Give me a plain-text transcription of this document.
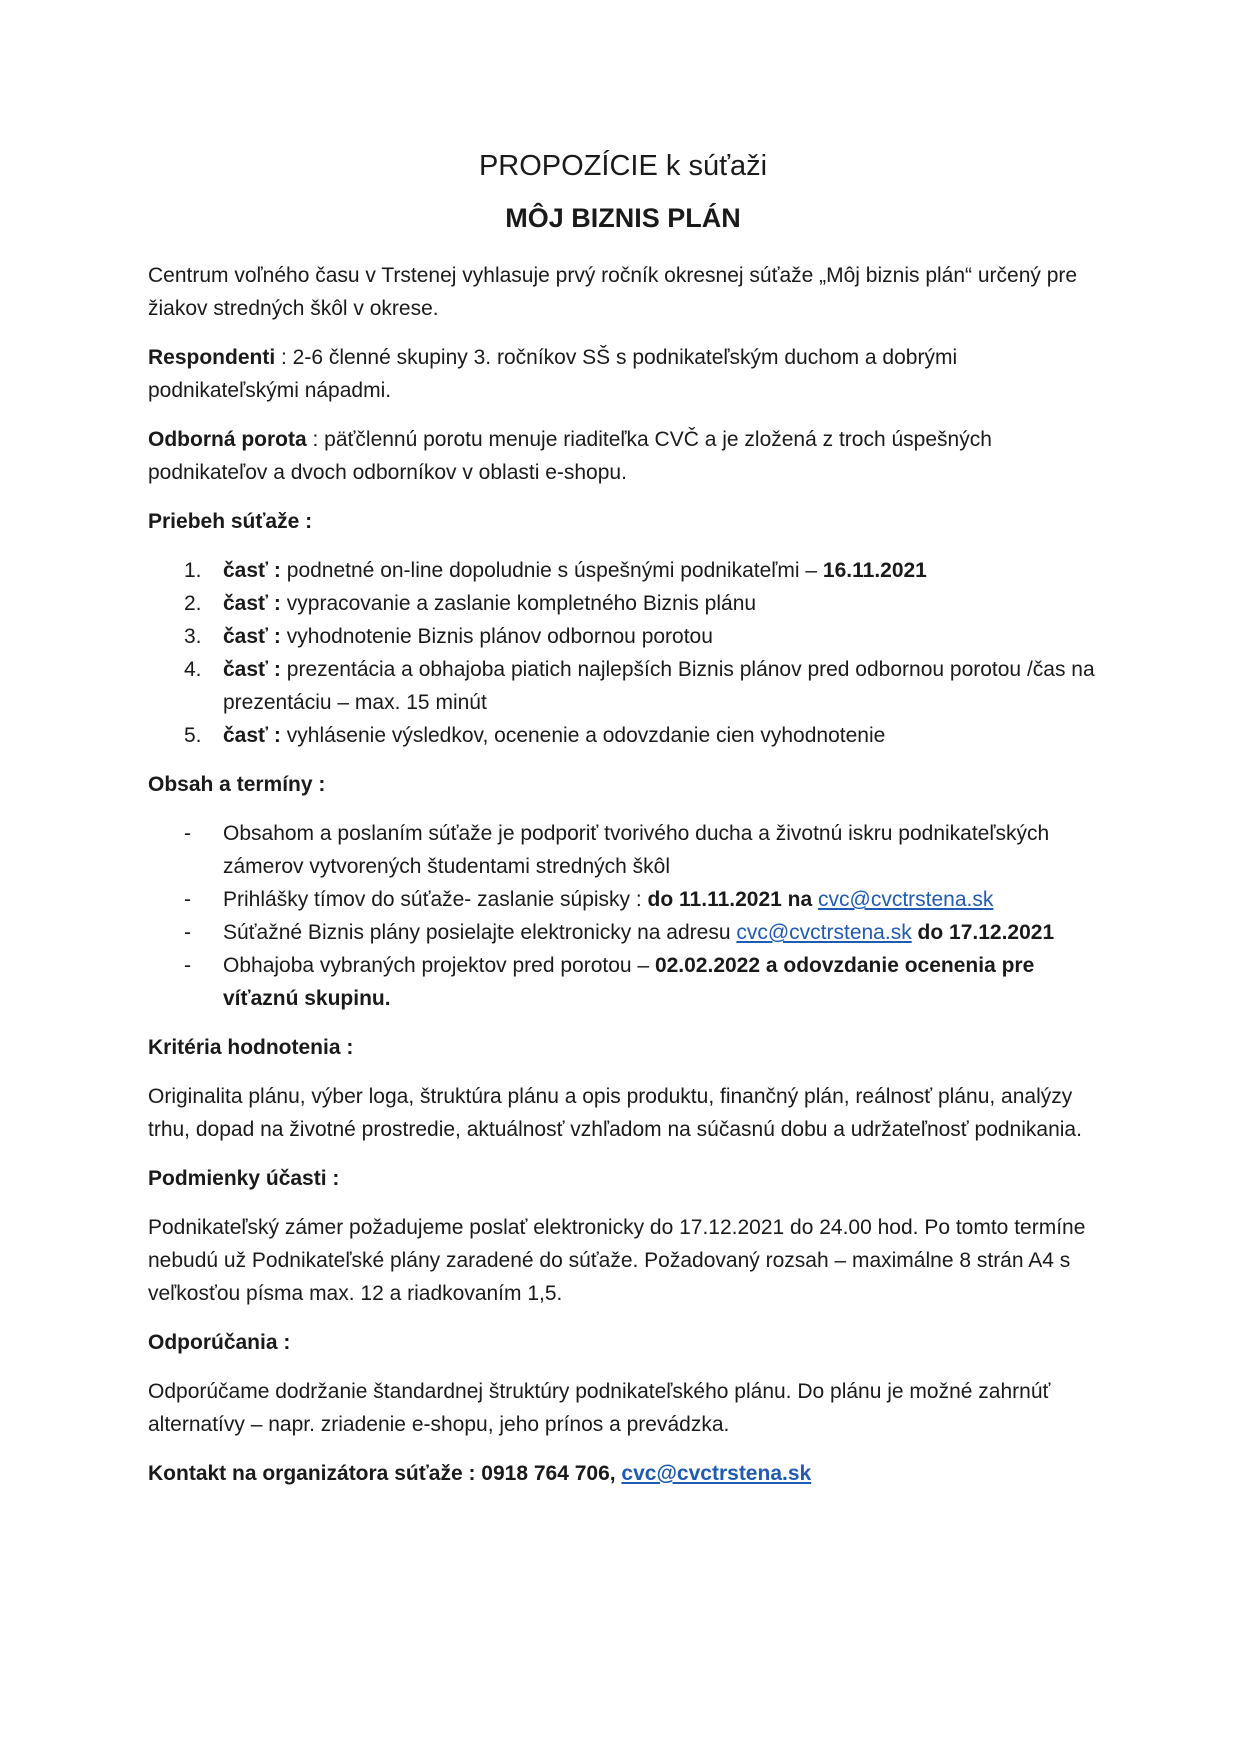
PROPOZÍCIE k súťaži
MÔJ BIZNIS PLÁN

Centrum voľného času v Trstenej vyhlasuje prvý ročník okresnej súťaže „Môj biznis plán“ určený pre žiakov stredných škôl v okrese.

Respondenti : 2-6 členné skupiny 3. ročníkov SŠ s podnikateľským duchom a dobrými podnikateľskými nápadmi.

Odborná porota : päťčlennú porotu menuje riaditeľka CVČ a je zložená z troch úspešných podnikateľov a dvoch odborníkov v oblasti e-shopu.

Priebeh súťaže :
1. časť : podnetné on-line dopoludnie s úspešnými podnikateľmi – 16.11.2021
2. časť : vypracovanie a zaslanie kompletného Biznis plánu
3. časť : vyhodnotenie Biznis plánov odbornou porotou
4. časť : prezentácia a obhajoba piatich najlepších Biznis plánov pred odbornou porotou /čas na prezentáciu – max. 15 minút
5. časť : vyhlásenie výsledkov, ocenenie a odovzdanie cien vyhodnotenie
Obsah a termíny :
- Obsahom a poslaním súťaže je podporiť tvorivého ducha a životnú iskru podnikateľských zámerov vytvorených študentami stredných škôl
- Prihlášky tímov do súťaže- zaslanie súpisky : do 11.11.2021 na cvc@cvctrstena.sk
- Súťažné Biznis plány posielajte elektronicky na adresu cvc@cvctrstena.sk do 17.12.2021
- Obhajoba vybraných projektov pred porotou – 02.02.2022 a odovzdanie ocenenia pre víťaznú skupinu.
Kritéria hodnotenia :

Originalita plánu, výber loga, štruktúra plánu a opis produktu, finančný plán, reálnosť plánu, analýzy trhu, dopad na životné prostredie, aktuálnosť vzhľadom na súčasnú dobu a udržateľnosť podnikania.

Podmienky účasti :

Podnikateľský zámer požadujeme poslať elektronicky do 17.12.2021 do 24.00 hod. Po tomto termíne nebudú už Podnikateľské plány zaradené do súťaže. Požadovaný rozsah – maximálne 8 strán A4 s veľkosťou písma max. 12 a riadkovaním 1,5.

Odporúčania :

Odporúčame dodržanie štandardnej štruktúry podnikateľského plánu. Do plánu je možné zahrnúť alternatívy – napr. zriadenie e-shopu, jeho prínos a prevádzka.

Kontakt na organizátora súťaže : 0918 764 706, cvc@cvctrstena.sk
